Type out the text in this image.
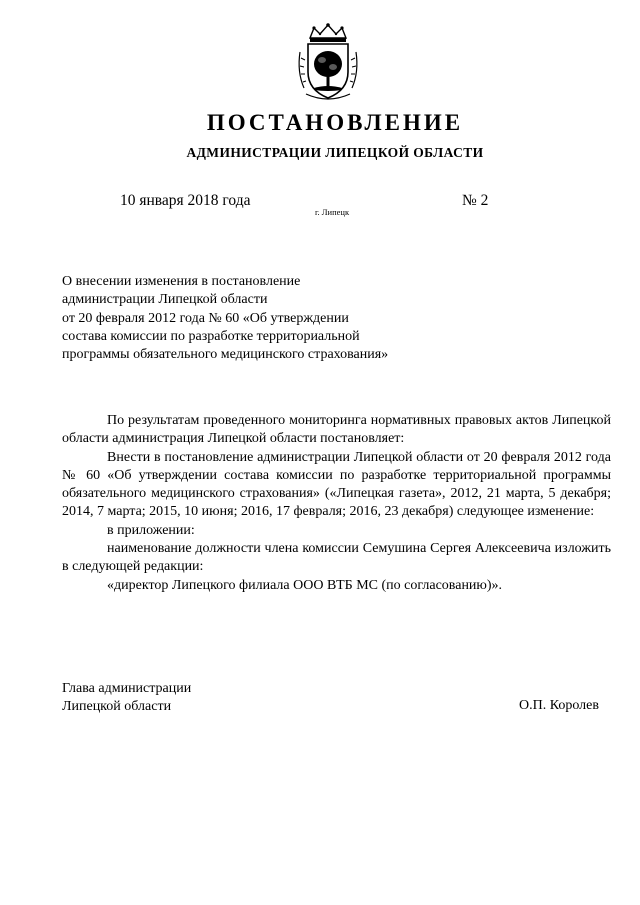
ПОСТАНОВЛЕНИЕ
АДМИНИСТРАЦИИ ЛИПЕЦКОЙ ОБЛАСТИ
10 января 2018 года
г. Липецк
№ 2
О внесении изменения в постановление
администрации Липецкой области
от 20 февраля 2012 года № 60 «Об утверждении
состава комиссии по разработке территориальной
программы обязательного медицинского страхования»

По результатам проведенного мониторинга нормативных правовых актов Липецкой области администрация Липецкой области постановляет:

Внести в постановление администрации Липецкой области от 20 февраля 2012 года № 60 «Об утверждении состава комиссии по разработке территориальной программы обязательного медицинского страхования» («Липецкая газета», 2012, 21 марта, 5 декабря; 2014, 7 марта; 2015, 10 июня; 2016, 17 февраля; 2016, 23 декабря) следующее изменение:

в приложении:

наименование должности члена комиссии Семушина Сергея Алексеевича изложить в следующей редакции:

«директор Липецкого филиала ООО ВТБ МС (по согласованию)».

Глава администрации
Липецкой области	О.П. Королев
